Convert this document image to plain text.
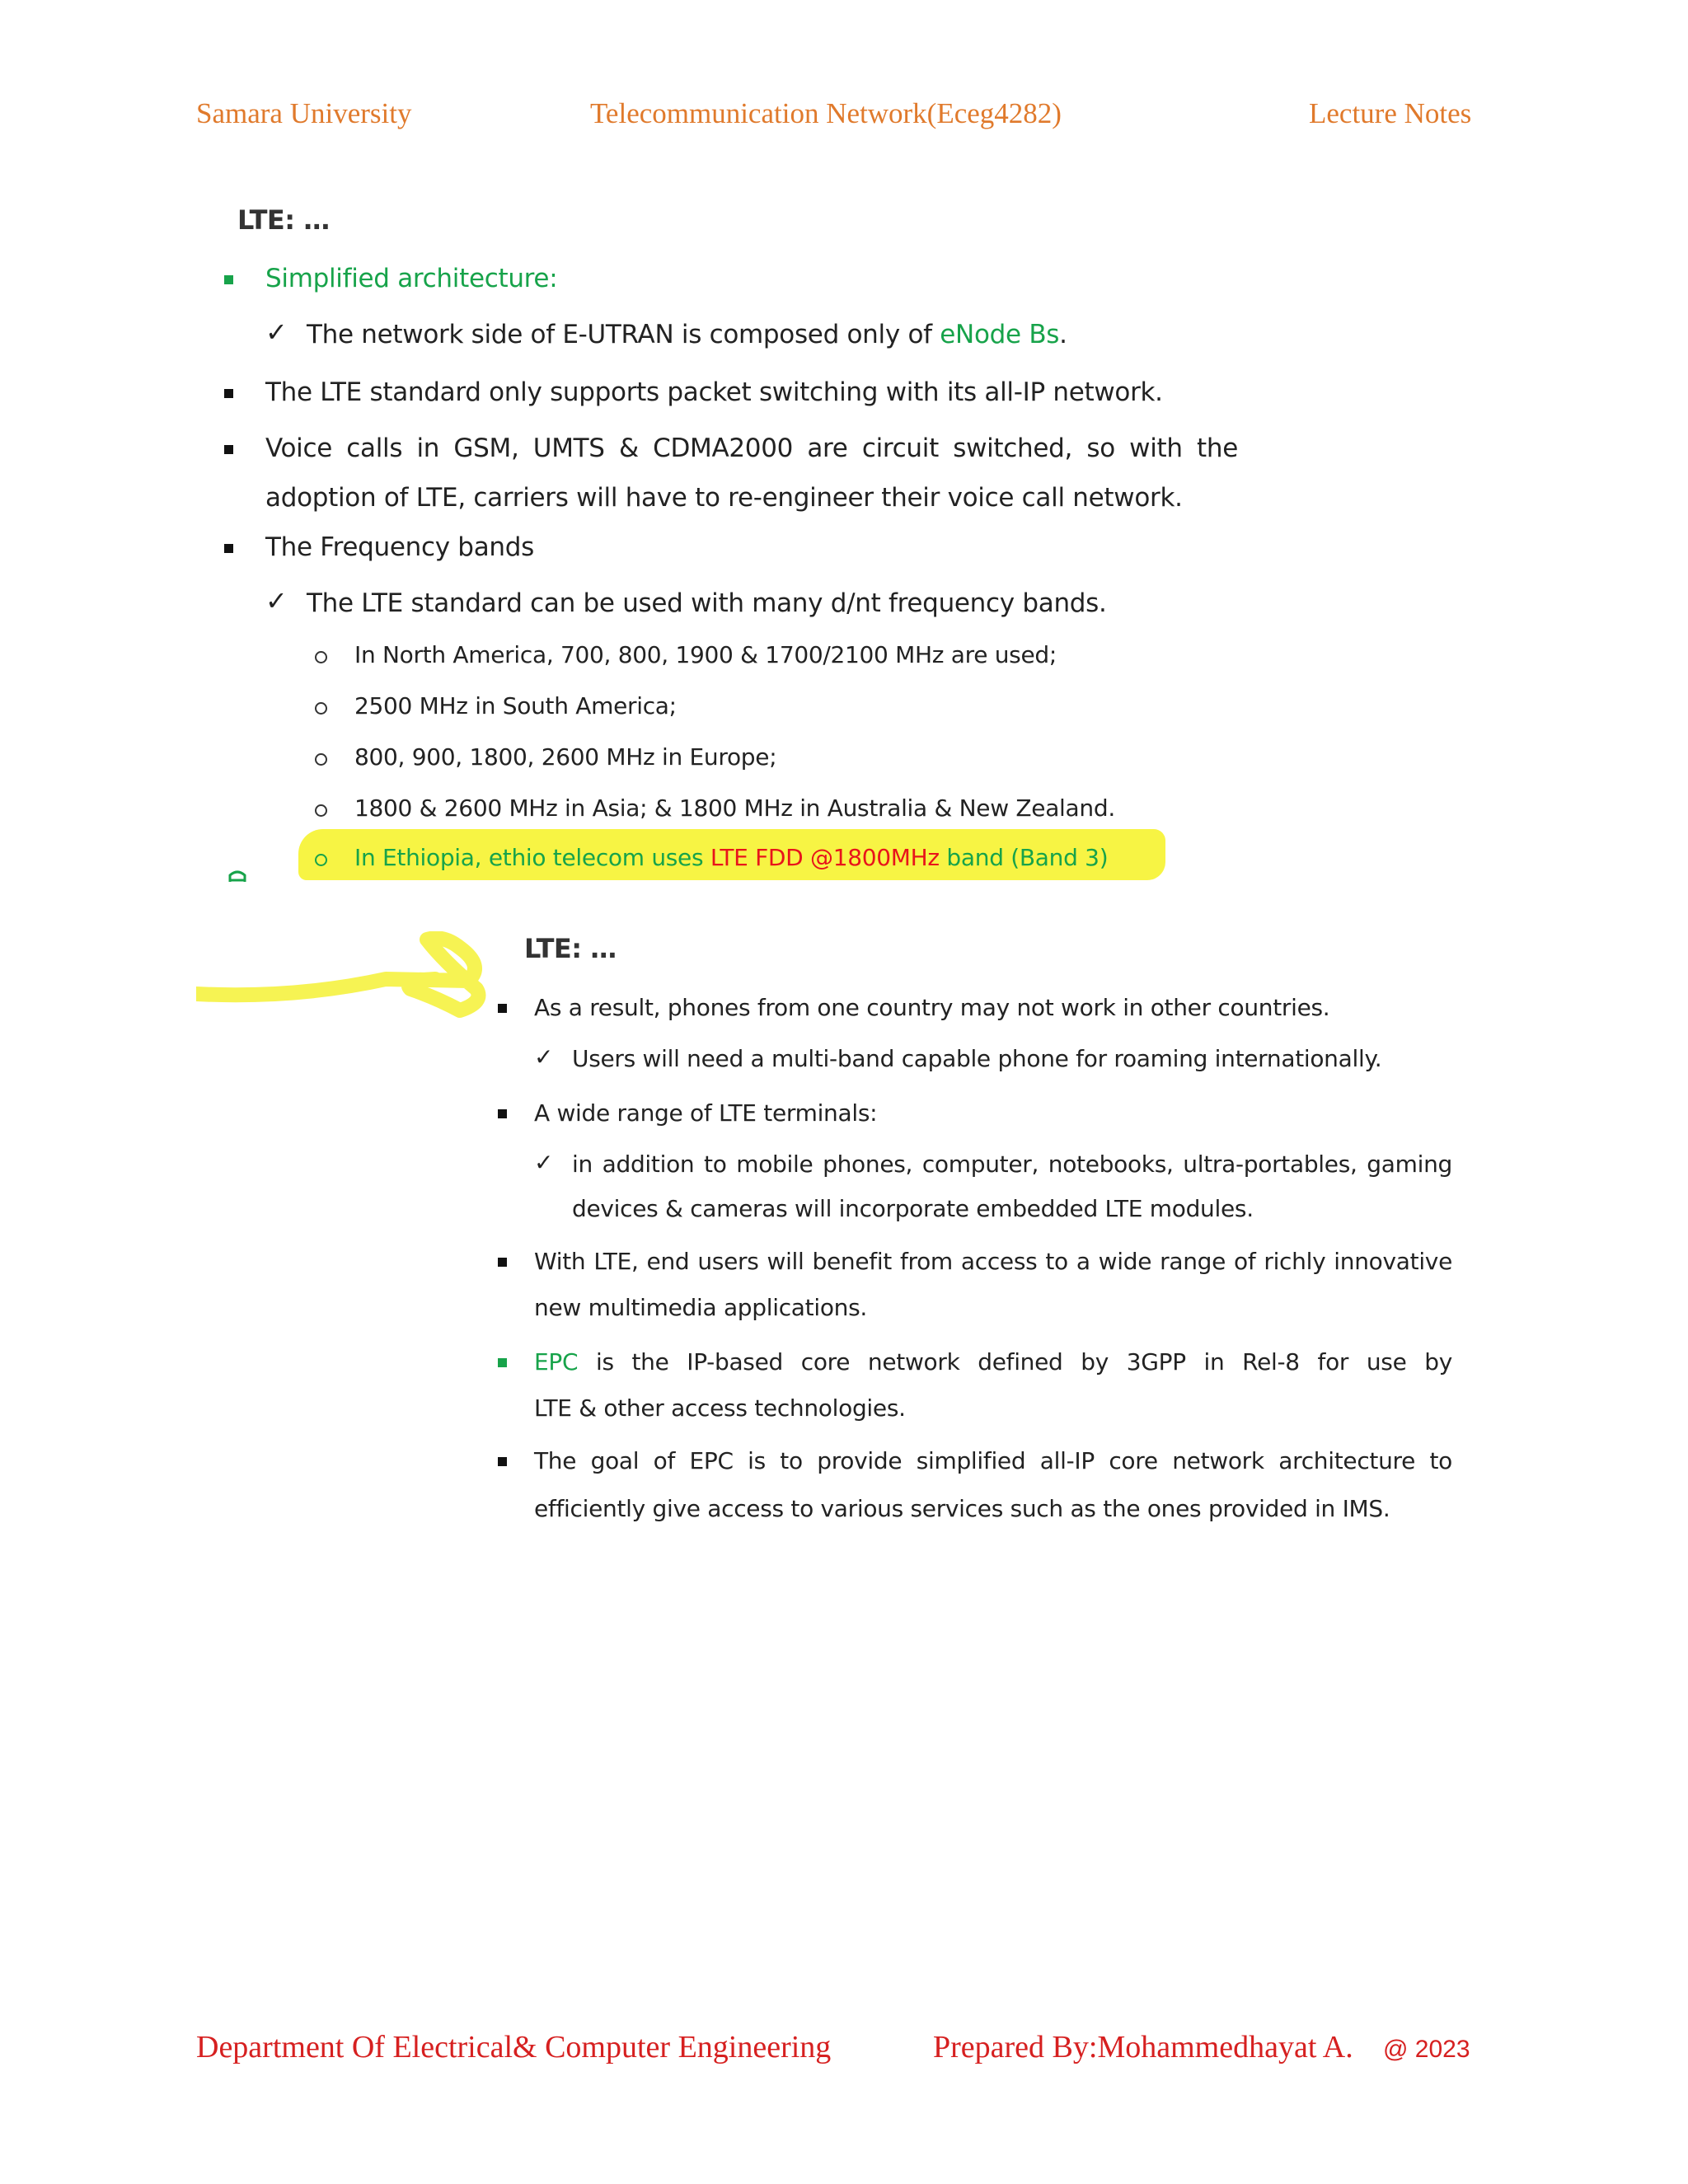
Samara University	Telecommunication Network(Eceg4282)	Lecture Notes
LTE: …
Simplified architecture:
✓ The network side of E-UTRAN is composed only of eNode Bs.
The LTE standard only supports packet switching with its all-IP network.
Voice calls in GSM, UMTS & CDMA2000 are circuit switched, so with the
adoption of LTE, carriers will have to re-engineer their voice call network.
The Frequency bands
✓ The LTE standard can be used with many d/nt frequency bands.
In North America, 700, 800, 1900 & 1700/2100 MHz are used;
2500 MHz in South America;
800, 900, 1800, 2600 MHz in Europe;
1800 & 2600 MHz in Asia; & 1800 MHz in Australia & New Zealand.
In Ethiopia, ethio telecom uses LTE FDD @1800MHz band (Band 3)
LTE: …
As a result, phones from one country may not work in other countries.
✓ Users will need a multi-band capable phone for roaming internationally.
A wide range of LTE terminals:
✓ in addition to mobile phones, computer, notebooks, ultra-portables, gaming
devices & cameras will incorporate embedded LTE modules.
With LTE, end users will benefit from access to a wide range of richly innovative
new multimedia applications.
EPC is the IP-based core network defined by 3GPP in Rel-8 for use by
LTE & other access technologies.
The goal of EPC is to provide simplified all-IP core network architecture to
efficiently give access to various services such as the ones provided in IMS.
Department Of Electrical& Computer Engineering	Prepared By:Mohammedhayat A. @ 2023
